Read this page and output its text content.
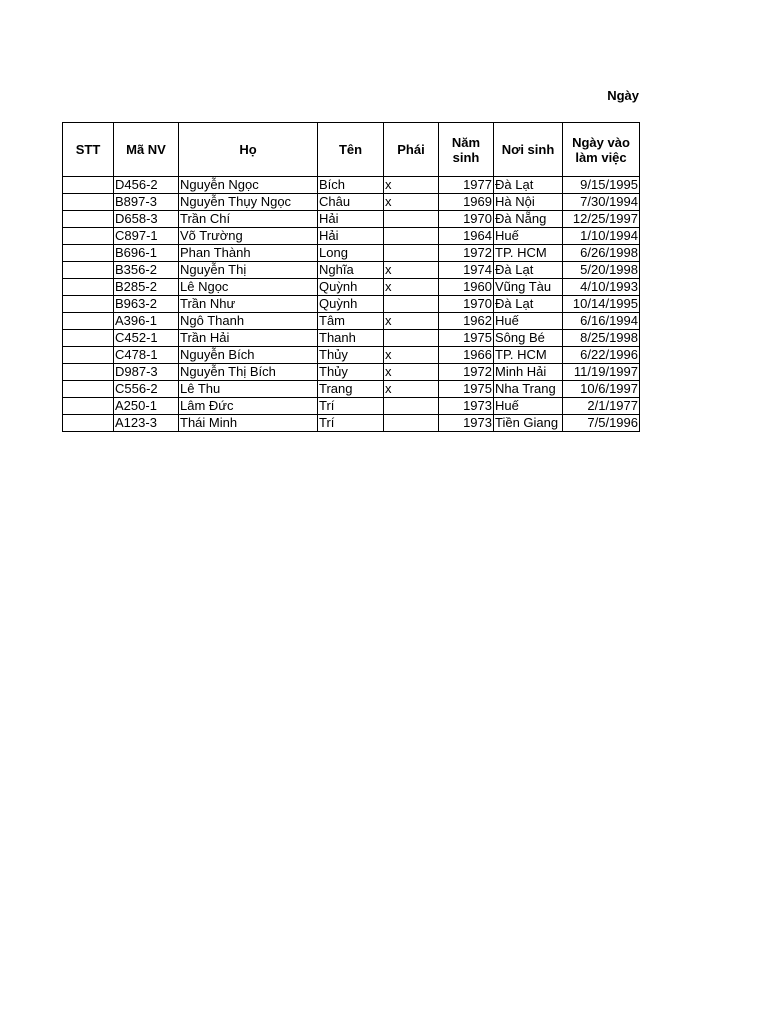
Ngày
STT	Mã NV	Họ	Tên	Phái	Năm sinh	Nơi sinh	Ngày vào làm việc
	D456-2	Nguyễn Ngọc	Bích	x	1977	Đà Lạt	9/15/1995
	B897-3	Nguyễn Thụy Ngọc	Châu	x	1969	Hà Nội	7/30/1994
	D658-3	Trần Chí	Hải		1970	Đà Nẵng	12/25/1997
	C897-1	Võ Trường	Hải		1964	Huế	1/10/1994
	B696-1	Phan Thành	Long		1972	TP. HCM	6/26/1998
	B356-2	Nguyễn Thị	Nghĩa	x	1974	Đà Lạt	5/20/1998
	B285-2	Lê Ngọc	Quỳnh	x	1960	Vũng Tàu	4/10/1993
	B963-2	Trần Như	Quỳnh		1970	Đà Lạt	10/14/1995
	A396-1	Ngô Thanh	Tâm	x	1962	Huế	6/16/1994
	C452-1	Trần Hải	Thanh		1975	Sông Bé	8/25/1998
	C478-1	Nguyễn Bích	Thủy	x	1966	TP. HCM	6/22/1996
	D987-3	Nguyễn Thị Bích	Thủy	x	1972	Minh Hải	11/19/1997
	C556-2	Lê Thu	Trang	x	1975	Nha Trang	10/6/1997
	A250-1	Lâm Đức	Trí		1973	Huế	2/1/1977
	A123-3	Thái Minh	Trí		1973	Tiền Giang	7/5/1996
